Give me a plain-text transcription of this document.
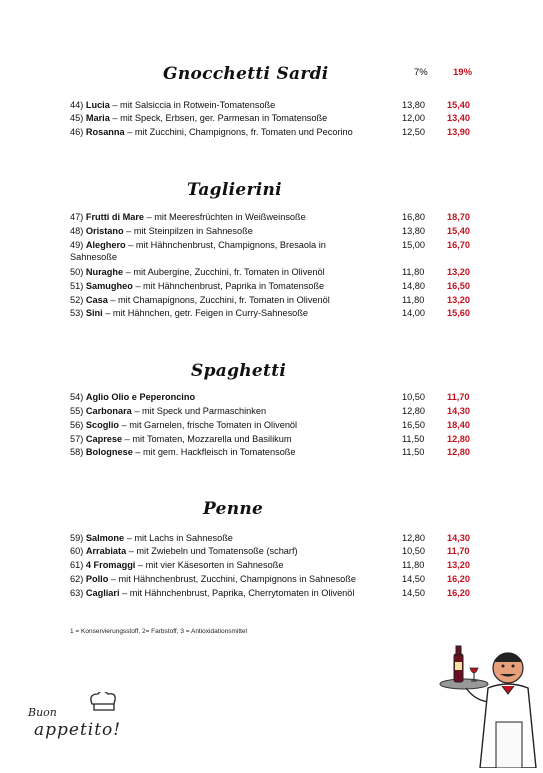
7%	19%
Gnocchetti Sardi
Taglierini
Spaghetti
Penne
44) Lucia – mit Salsiccia in Rotwein-Tomatensoße	13,80 15,40
45) Maria – mit Speck, Erbsen, ger. Parmesan in Tomatensoße	12,00 13,40
46) Rosanna – mit Zucchini, Champignons, fr. Tomaten und Pecorino	12,50 13,90
47) Frutti di Mare – mit Meeresfrüchten in Weißweinsoße	16,80 18,70
48) Oristano – mit Steinpilzen in Sahnesoße	13,80 15,40
49) Aleghero – mit Hähnchenbrust, Champignons, Bresaola in Sahnesoße
15,00 16,70
50) Nuraghe – mit Aubergine, Zucchini, fr. Tomaten in Olivenöl	11,80 13,20
51) Samugheo – mit Hähnchenbrust, Paprika in Tomatensoße	14,80 16,50
52) Casa – mit Chamapignons, Zucchini, fr. Tomaten in Olivenöl	11,80 13,20
53) Sini – mit Hähnchen, getr. Feigen in Curry-Sahnesoße	14,00 15,60
54) Aglio Olio e Peperoncino	10,50 11,70
55) Carbonara – mit Speck und Parmaschinken	12,80 14,30
56) Scoglio – mit Garnelen, frische Tomaten in Olivenöl	16,50 18,40
57) Caprese – mit Tomaten, Mozzarella und Basilikum	11,50 12,80
58) Bolognese – mit gem. Hackfleisch in Tomatensoße	11,50 12,80
59) Salmone – mit Lachs in Sahnesoße	12,80 14,30
60) Arrabiata – mit Zwiebeln und Tomatensoße (scharf)	10,50 11,70
61) 4 Fromaggi – mit vier Käsesorten in Sahnesoße	11,80 13,20
62) Pollo – mit Hähnchenbrust, Zucchini, Champignons in Sahnesoße	14,50 16,20
63) Cagliari – mit Hähnchenbrust, Paprika, Cherrytomaten in Olivenöl	14,50 16,20
1 = Konservierungsstoff, 2= Farbstoff, 3 = Antioxidationsmittel
Buon
appetito!
